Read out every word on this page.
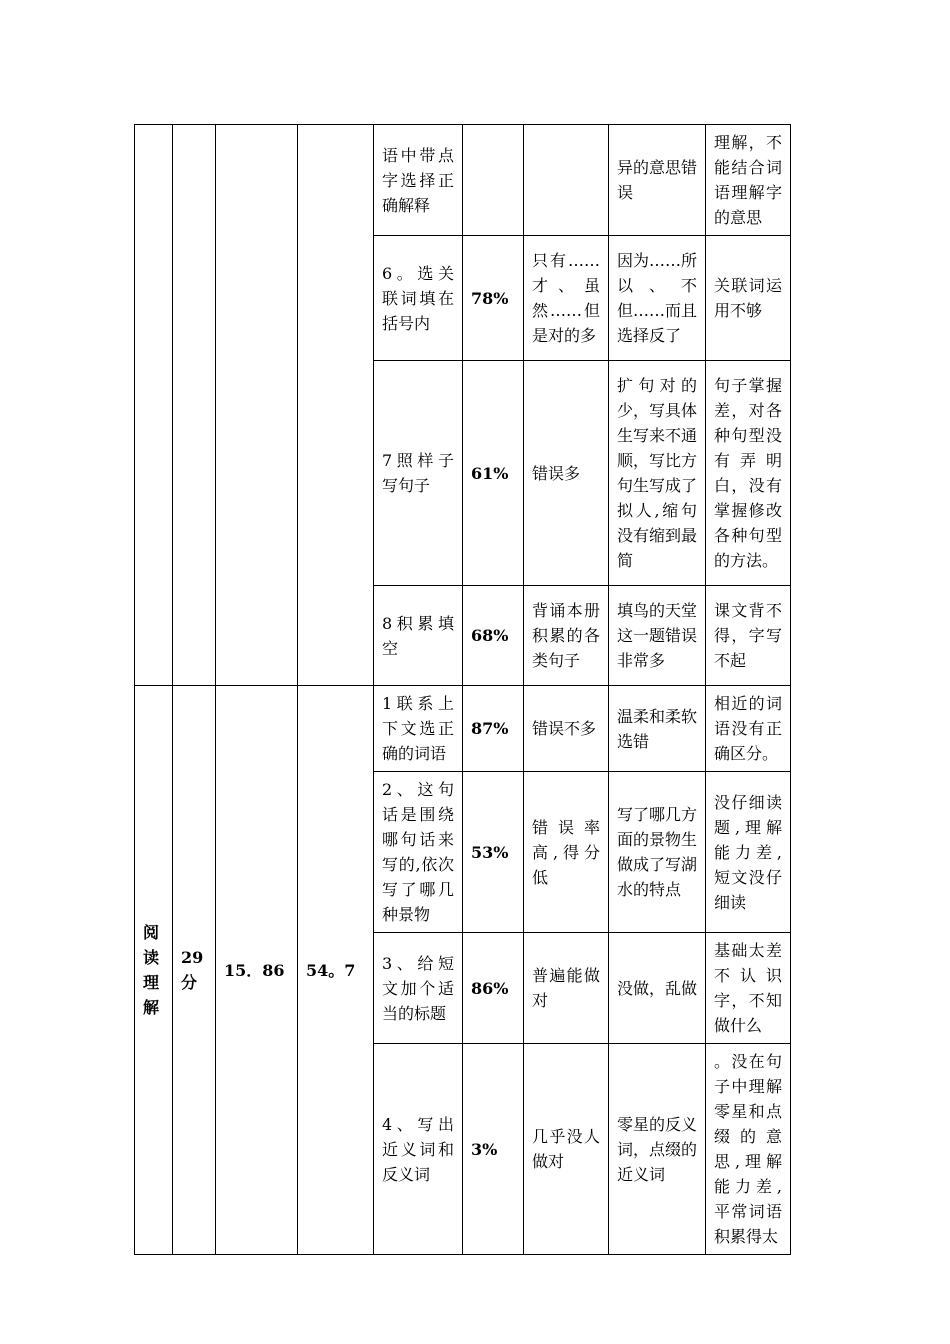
				语中带点字选择正确解释			异的意思错误	理解，不能结合词语理解字的意思
				6。选关联词填在括号内	78%	只有……才、虽然……但是对的多	因为……所以、不但……而且选择反了	关联词运用不够
				7照样子写句子	61%	错误多	扩句对的少，写具体生写来不通顺，写比方句生写成了拟人,缩句没有缩到最简	句子掌握差，对各种句型没有弄明白，没有掌握修改各种句型的方法。
				8积累填空	68%	背诵本册积累的各类句子	填鸟的天堂这一题错误非常多	课文背不得，字写不起
阅读理解	29分	15．86	54。7	1联系上下文选正确的词语	87%	错误不多	温柔和柔软选错	相近的词语没有正确区分。
				2、这句话是围绕哪句话来写的,依次写了哪几种景物	53%	错误率高,得分低	写了哪几方面的景物生做成了写湖水的特点	没仔细读题,理解能力差,短文没仔细读
				3、给短文加个适当的标题	86%	普遍能做对	没做，乱做	基础太差不认识字，不知做什么
				4、写出近义词和反义词	3%	几乎没人做对	零星的反义词，点缀的近义词	。没在句子中理解零星和点缀的意思,理解能力差,平常词语积累得太
